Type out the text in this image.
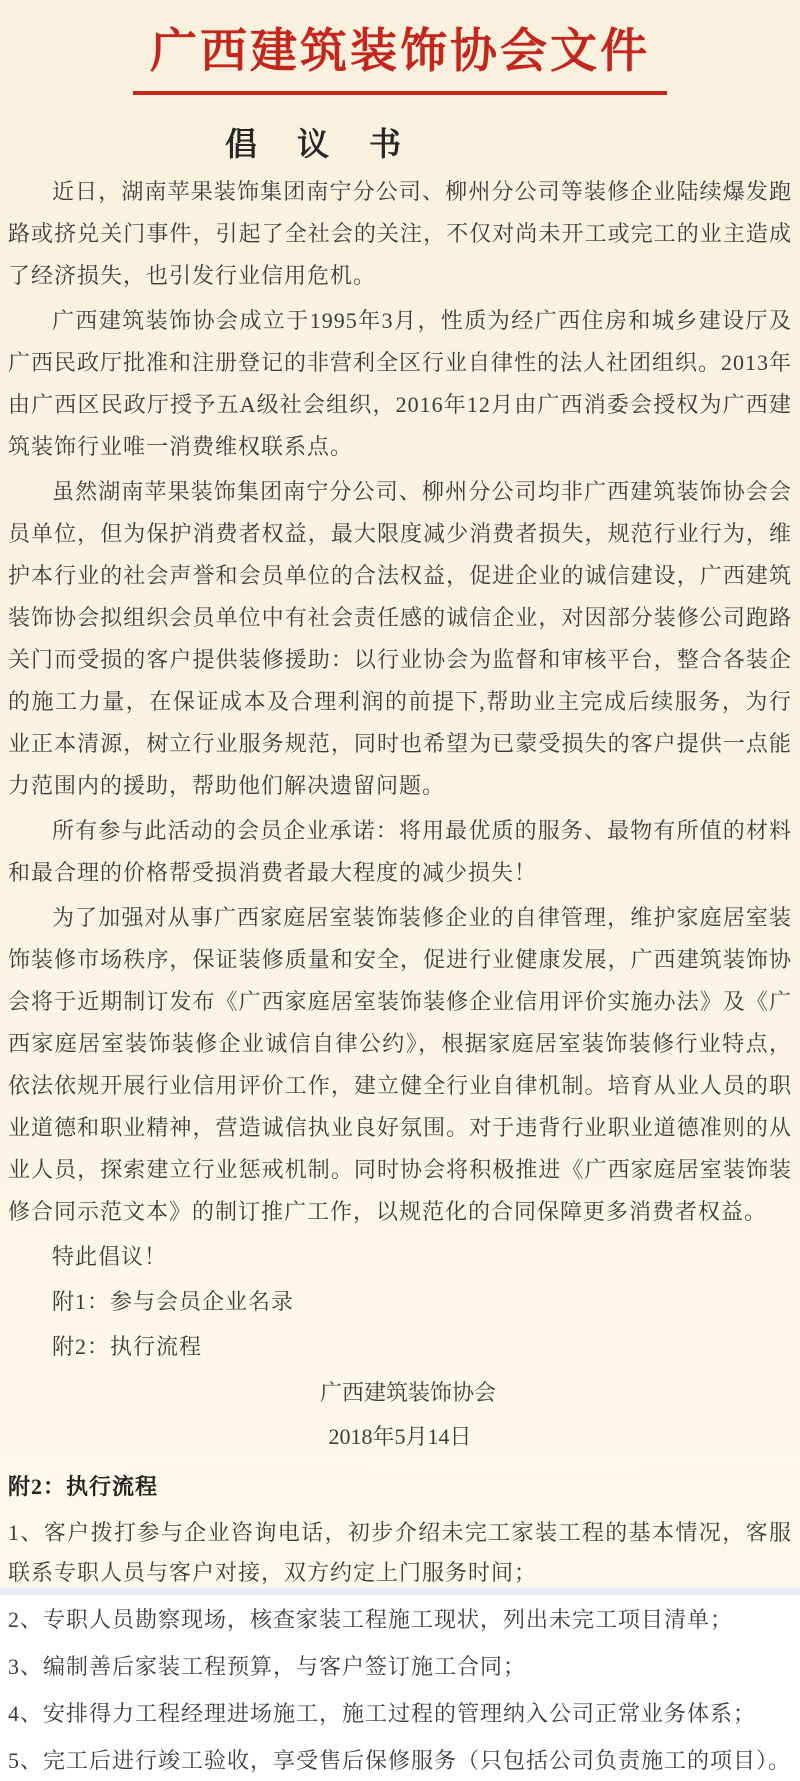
广西建筑装饰协会文件
倡　议　书

近日，湖南苹果装饰集团南宁分公司、柳州分公司等装修企业陆续爆发跑路或挤兑关门事件，引起了全社会的关注，不仅对尚未开工或完工的业主造成了经济损失，也引发行业信用危机。

广西建筑装饰协会成立于1995年3月，性质为经广西住房和城乡建设厅及广西民政厅批准和注册登记的非营利全区行业自律性的法人社团组织。2013年由广西区民政厅授予五A级社会组织，2016年12月由广西消委会授权为广西建筑装饰行业唯一消费维权联系点。

虽然湖南苹果装饰集团南宁分公司、柳州分公司均非广西建筑装饰协会会员单位，但为保护消费者权益，最大限度减少消费者损失，规范行业行为，维护本行业的社会声誉和会员单位的合法权益，促进企业的诚信建设，广西建筑装饰协会拟组织会员单位中有社会责任感的诚信企业，对因部分装修公司跑路关门而受损的客户提供装修援助：以行业协会为监督和审核平台，整合各装企的施工力量，在保证成本及合理利润的前提下,帮助业主完成后续服务，为行业正本清源，树立行业服务规范，同时也希望为已蒙受损失的客户提供一点能力范围内的援助，帮助他们解决遗留问题。

所有参与此活动的会员企业承诺：将用最优质的服务、最物有所值的材料和最合理的价格帮受损消费者最大程度的减少损失！

为了加强对从事广西家庭居室装饰装修企业的自律管理，维护家庭居室装饰装修市场秩序，保证装修质量和安全，促进行业健康发展，广西建筑装饰协会将于近期制订发布《广西家庭居室装饰装修企业信用评价实施办法》及《广西家庭居室装饰装修企业诚信自律公约》，根据家庭居室装饰装修行业特点，依法依规开展行业信用评价工作，建立健全行业自律机制。培育从业人员的职业道德和职业精神，营造诚信执业良好氛围。对于违背行业职业道德准则的从业人员，探索建立行业惩戒机制。同时协会将积极推进《广西家庭居室装饰装修合同示范文本》的制订推广工作，以规范化的合同保障更多消费者权益。

特此倡议！

附1：参与会员企业名录

附2：执行流程

广西建筑装饰协会

2018年5月14日

附2：执行流程

1、客户拨打参与企业咨询电话，初步介绍未完工家装工程的基本情况，客服联系专职人员与客户对接，双方约定上门服务时间；

2、专职人员勘察现场，核查家装工程施工现状，列出未完工项目清单；

3、编制善后家装工程预算，与客户签订施工合同；

4、安排得力工程经理进场施工，施工过程的管理纳入公司正常业务体系；

5、完工后进行竣工验收，享受售后保修服务（只包括公司负责施工的项目）。
